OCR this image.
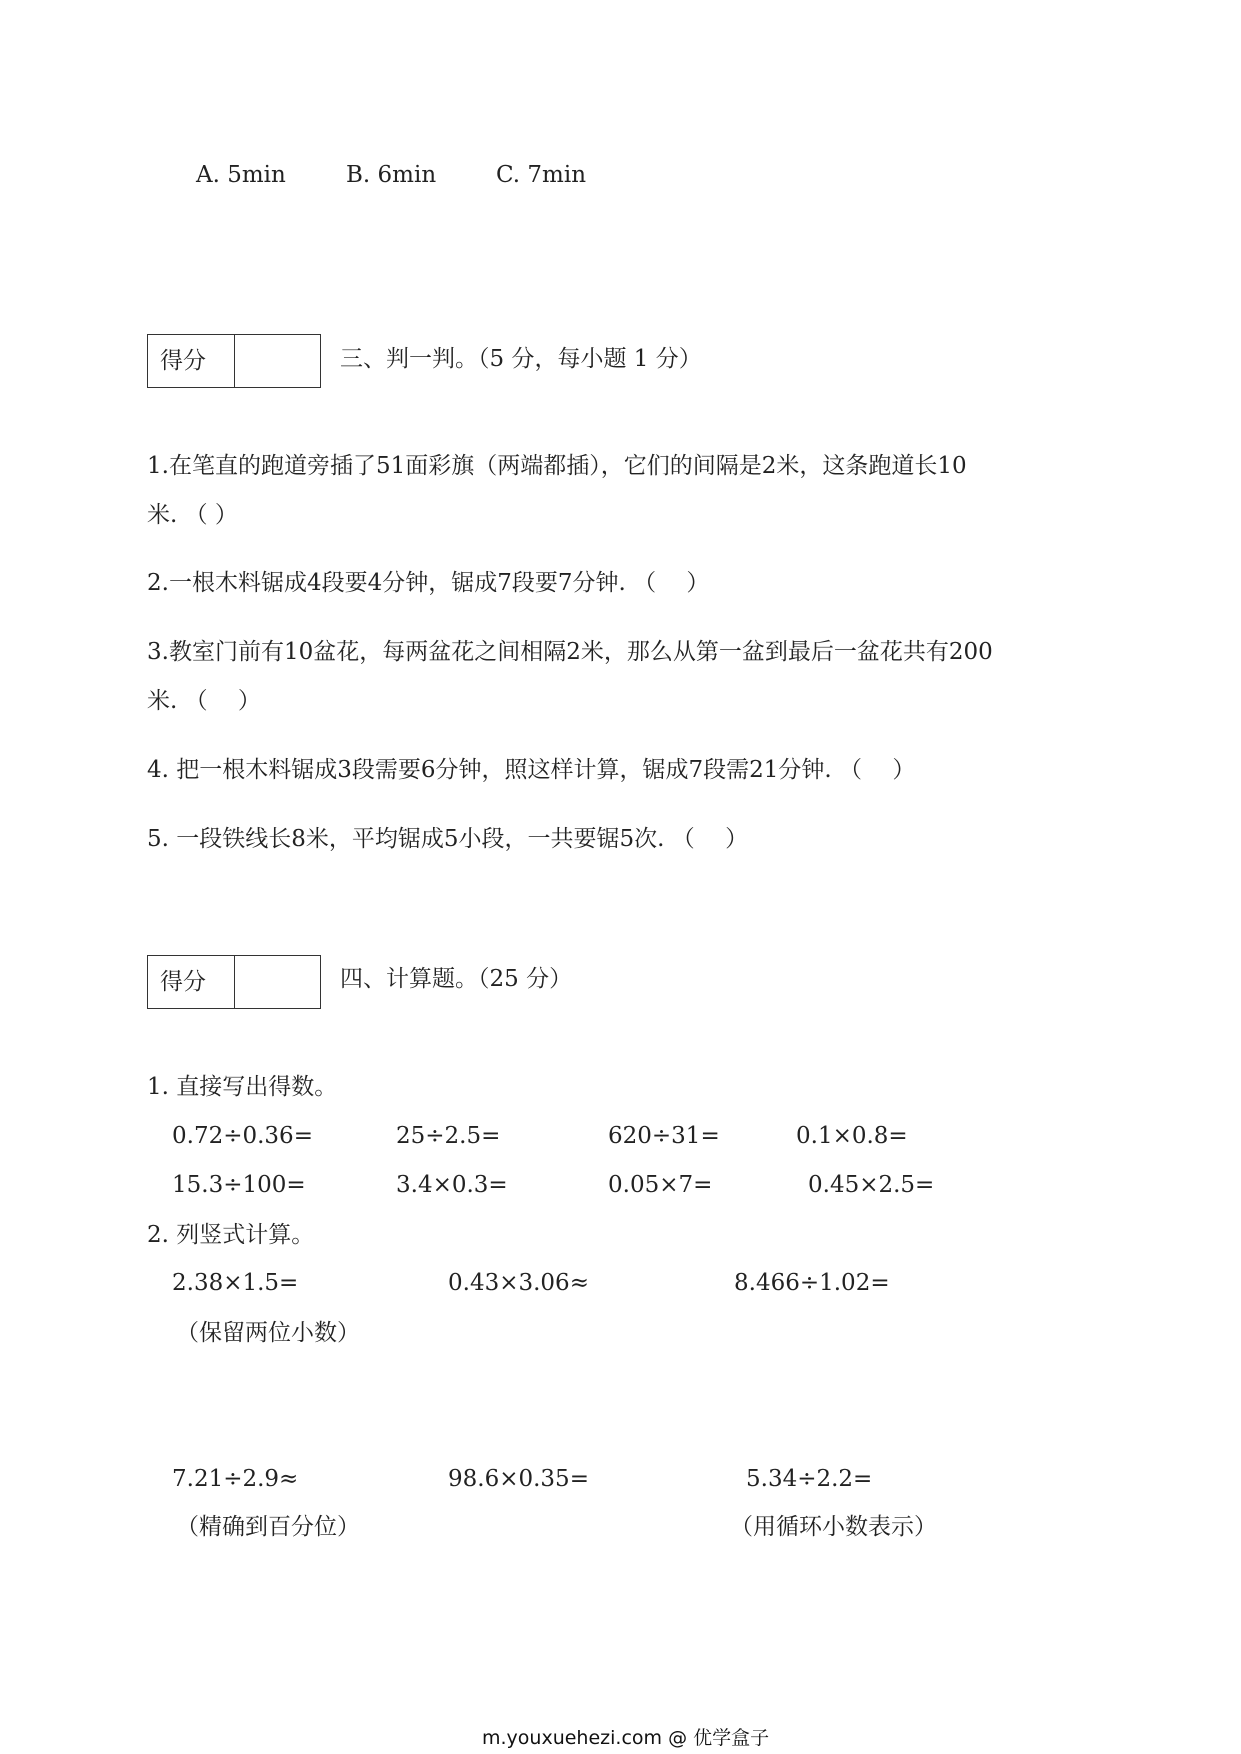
A. 5min	B. 6min	C. 7min
得分	三、判一判。（5 分，每小题 1 分）
1.在笔直的跑道旁插了51面彩旗（两端都插），它们的间隔是2米，这条跑道长10
米. （ ）
2.一根木料锯成4段要4分钟，锯成7段要7分钟. （　 ）
3.教室门前有10盆花，每两盆花之间相隔2米，那么从第一盆到最后一盆花共有200
米. （　 ）
4. 把一根木料锯成3段需要6分钟，照这样计算，锯成7段需21分钟. （　 ）
5. 一段铁线长8米，平均锯成5小段，一共要锯5次. （　 ）
得分	四、计算题。（25 分）
1. 直接写出得数。
0.72÷0.36=	25÷2.5=	620÷31=	0.1×0.8=
15.3÷100=	3.4×0.3=	0.05×7=	0.45×2.5=
2. 列竖式计算。
2.38×1.5=	0.43×3.06≈	8.466÷1.02=
（保留两位小数）
7.21÷2.9≈	98.6×0.35=	5.34÷2.2=
（精确到百分位）	（用循环小数表示）
m.youxuehezi.com @ 优学盒子
